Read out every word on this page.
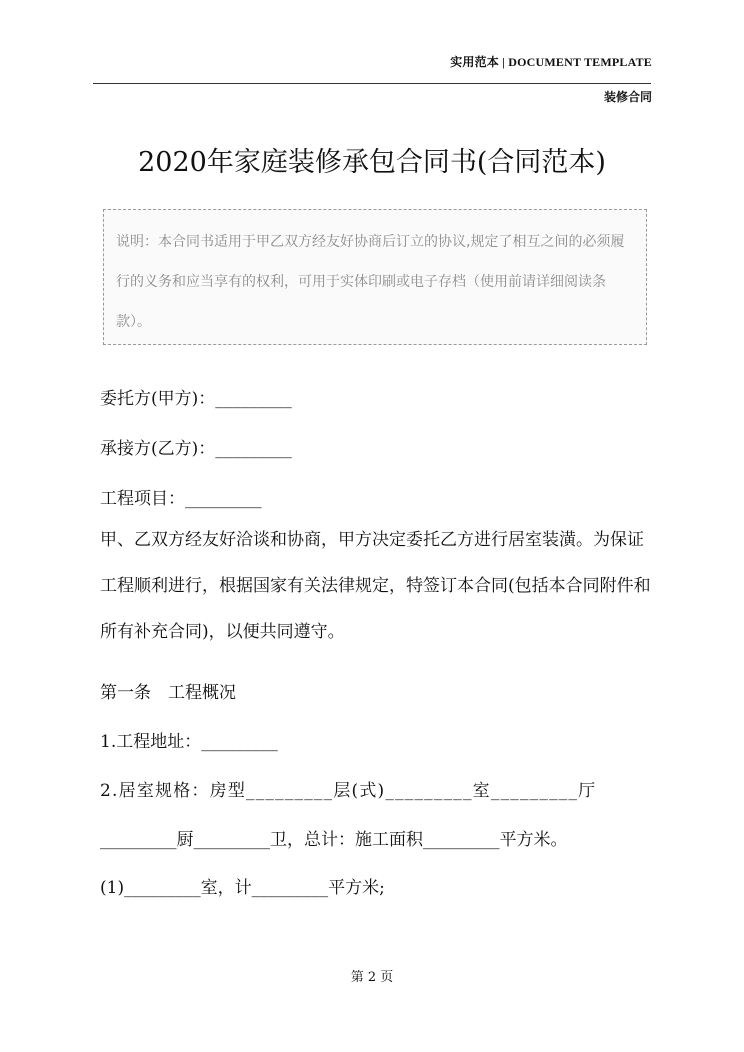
实用范本 | DOCUMENT TEMPLATE
装修合同
2020年家庭装修承包合同书(合同范本)
说明：本合同书适用于甲乙双方经友好协商后订立的协议,规定了相互之间的必须履行的义务和应当享有的权利，可用于实体印刷或电子存档（使用前请详细阅读条款）。
委托方(甲方)：_________
承接方(乙方)：_________
工程项目：_________
甲、乙双方经友好洽谈和协商，甲方决定委托乙方进行居室装潢。为保证工程顺利进行，根据国家有关法律规定，特签订本合同(包括本合同附件和所有补充合同)，以便共同遵守。
第一条　工程概况
1.工程地址：_________
2.居室规格：房型_________层(式)_________室_________厅
_________厨_________卫，总计：施工面积_________平方米。
(1)_________室，计_________平方米;
第 2 页
